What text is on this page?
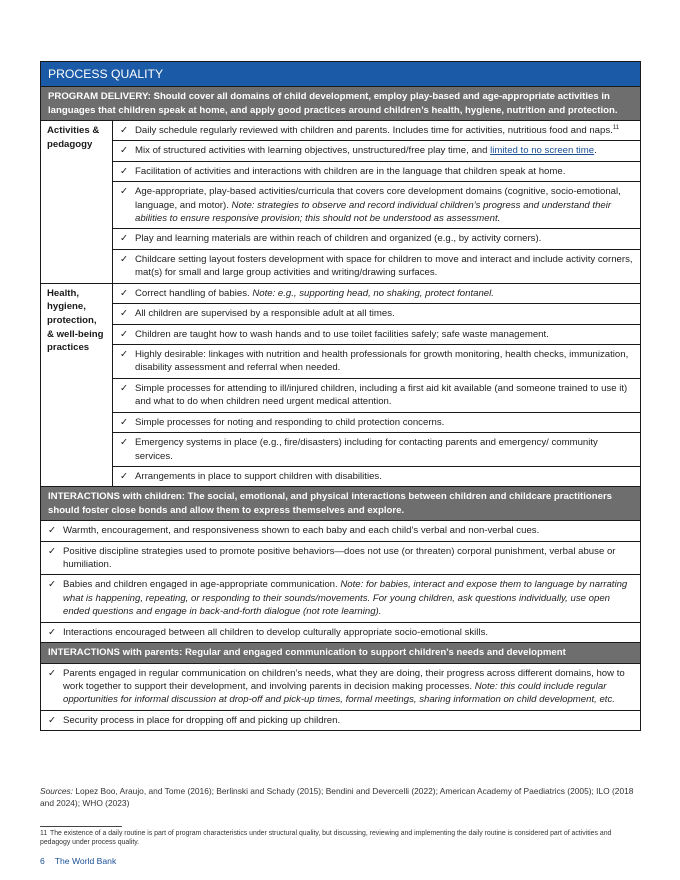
PROCESS QUALITY	
PROGRAM DELIVERY: Should cover all domains of child development, employ play-based and age-appropriate activities in languages that children speak at home, and apply good practices around children’s health, hygiene, nutrition and protection.	
Activities & pedagogy	✓ Daily schedule regularly reviewed with children and parents. Includes time for activities, nutritious food and naps.$^{11}$

	✓ Mix of structured activities with learning objectives, unstructured/free play time, and limited to no screen time.

	✓ Facilitation of activities and interactions with children are in the language that children speak at home.

	✓ Age-appropriate, play-based activities/curricula that covers core development domains (cognitive, socio-emotional, language, and motor). Note: strategies to observe and record individual children’s progress and understand their abilities to ensure responsive provision; this should not be understood as assessment.

	✓ Play and learning materials are within reach of children and organized (e.g., by activity corners).

	✓ Childcare setting layout fosters development with space for children to move and interact and include activity corners, mat(s) for small and large group activities and writing/drawing surfaces.
Health, hygiene, protection, & well-being practices	✓ Correct handling of babies. Note: e.g., supporting head, no shaking, protect fontanel.

	✓ All children are supervised by a responsible adult at all times.

	✓ Children are taught how to wash hands and to use toilet facilities safely; safe waste management.

	✓ Highly desirable: linkages with nutrition and health professionals for growth monitoring, health checks, immunization, disability assessment and referral when needed.

	✓ Simple processes for attending to ill/injured children, including a first aid kit available (and someone trained to use it) and what to do when children need urgent medical attention.

	✓ Simple processes for noting and responding to child protection concerns.

	✓ Emergency systems in place (e.g., fire/disasters) including for contacting parents and emergency/ community services.

	✓ Arrangements in place to support children with disabilities.
INTERACTIONS with children: The social, emotional, and physical interactions between children and childcare practitioners should foster close bonds and allow them to express themselves and explore.	

✓ Warmth, encouragement, and responsiveness shown to each baby and each child’s verbal and non-verbal cues.	

✓ Positive discipline strategies used to promote positive behaviors—does not use (or threaten) corporal punishment, verbal abuse or humiliation.	

✓ Babies and children engaged in age-appropriate communication. Note: for babies, interact and expose them to language by narrating what is happening, repeating, or responding to their sounds/movements. For young children, ask questions individually, use open ended questions and engage in back-and-forth dialogue (not rote learning).	

✓ Interactions encouraged between all children to develop culturally appropriate socio-emotional skills.	
INTERACTIONS with parents: Regular and engaged communication to support children’s needs and development	

✓ Parents engaged in regular communication on children’s needs, what they are doing, their progress across different domains, how to work together to support their development, and involving parents in decision making processes. Note: this could include regular opportunities for informal discussion at drop-off and pick-up times, formal meetings, sharing information on child development, etc.	

✓ Security process in place for dropping off and picking up children.	
Sources: Lopez Boo, Araujo, and Tome (2016); Berlinski and Schady (2015); Bendini and Devercelli (2022); American Academy of Paediatrics (2005); ILO (2018 and 2024); WHO (2023)
11 The existence of a daily routine is part of program characteristics under structural quality, but discussing, reviewing and implementing the daily routine is considered part of activities and pedagogy under process quality.
6 The World Bank
